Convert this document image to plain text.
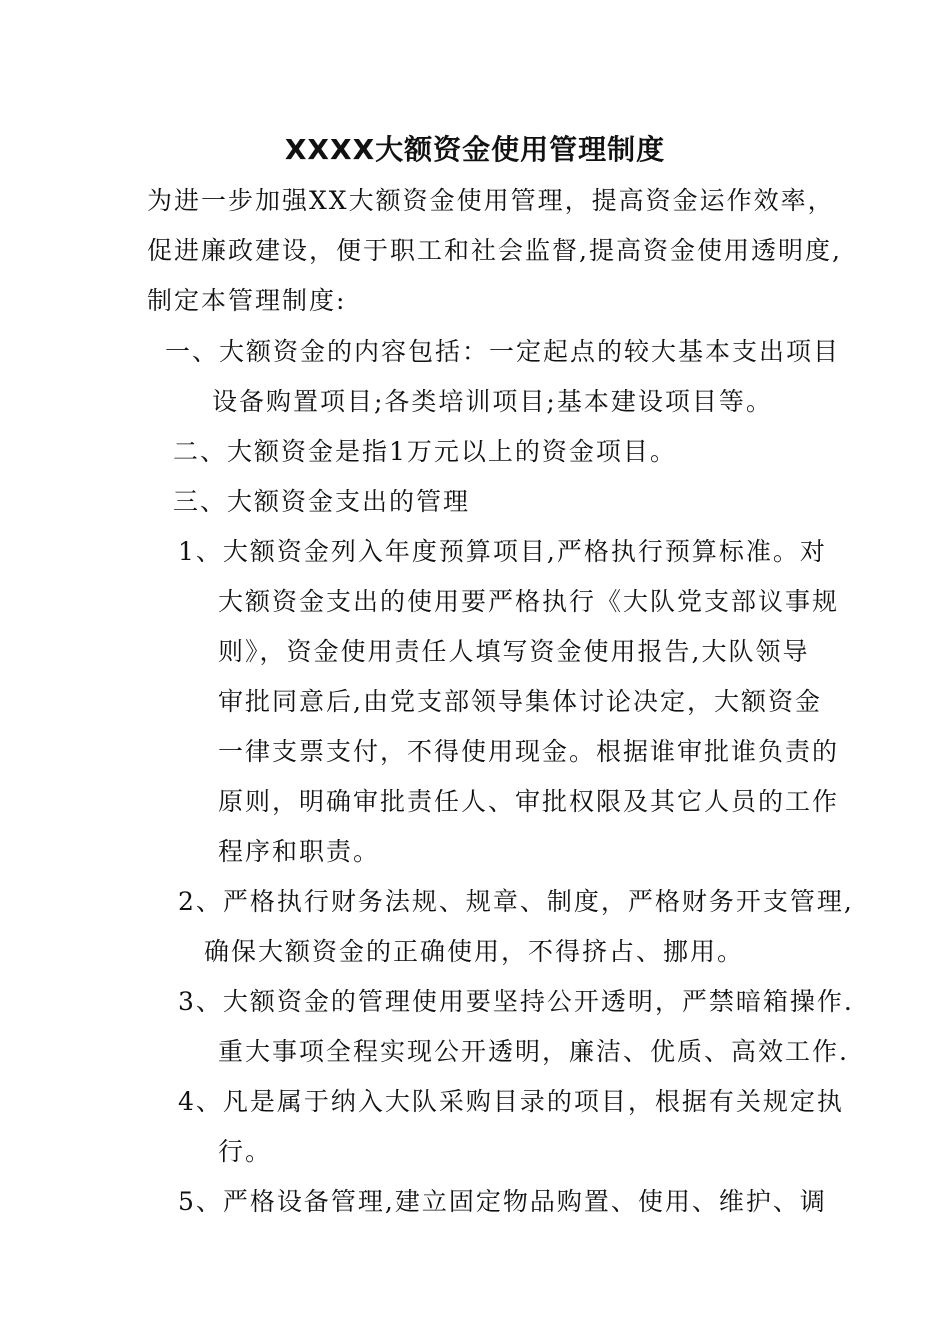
XXXX大额资金使用管理制度
为进一步加强XX大额资金使用管理，提高资金运作效率，
促进廉政建设，便于职工和社会监督,提高资金使用透明度,
制定本管理制度:
一、大额资金的内容包括：一定起点的较大基本支出项目
设备购置项目;各类培训项目;基本建设项目等。
二、大额资金是指1万元以上的资金项目。
三、大额资金支出的管理
1、大额资金列入年度预算项目,严格执行预算标准。对
大额资金支出的使用要严格执行《大队党支部议事规
则》，资金使用责任人填写资金使用报告,大队领导
审批同意后,由党支部领导集体讨论决定，大额资金
一律支票支付，不得使用现金。根据谁审批谁负责的
原则，明确审批责任人、审批权限及其它人员的工作
程序和职责。
2、严格执行财务法规、规章、制度，严格财务开支管理,
确保大额资金的正确使用，不得挤占、挪用。
3、大额资金的管理使用要坚持公开透明，严禁暗箱操作.
重大事项全程实现公开透明，廉洁、优质、高效工作.
4、凡是属于纳入大队采购目录的项目，根据有关规定执
行。
5、严格设备管理,建立固定物品购置、使用、维护、调
